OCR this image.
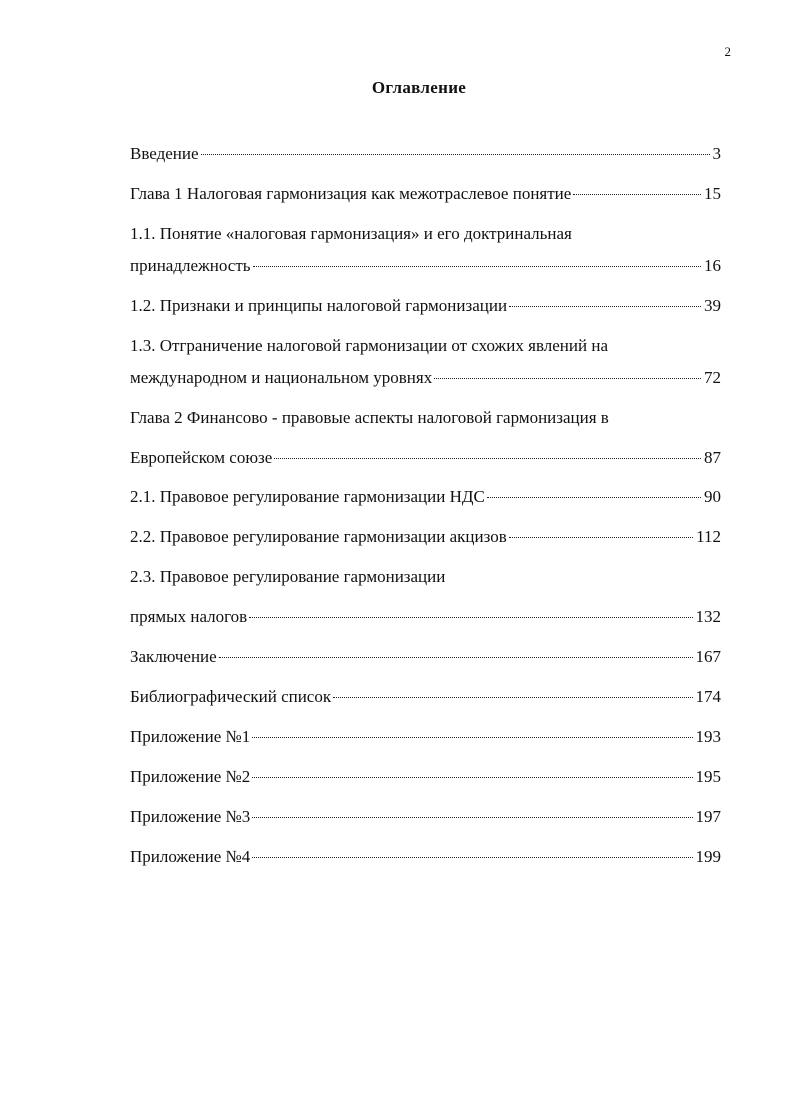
2
Оглавление
Введение	3
Глава 1 Налоговая гармонизация как межотраслевое понятие	15
1.1. Понятие «налоговая гармонизация» и его доктринальная
принадлежность	16
1.2. Признаки и принципы налоговой гармонизации	39
1.3. Отграничение налоговой гармонизации от схожих явлений на
международном и национальном уровнях	72
Глава 2 Финансово - правовые аспекты налоговой гармонизация в
Европейском союзе	87
2.1. Правовое регулирование гармонизации НДС	90
2.2. Правовое регулирование гармонизации акцизов	112
2.3. Правовое регулирование гармонизации
прямых налогов	132
Заключение	167
Библиографический список	174
Приложение №1	193
Приложение №2	195
Приложение №3	197
Приложение №4	199
